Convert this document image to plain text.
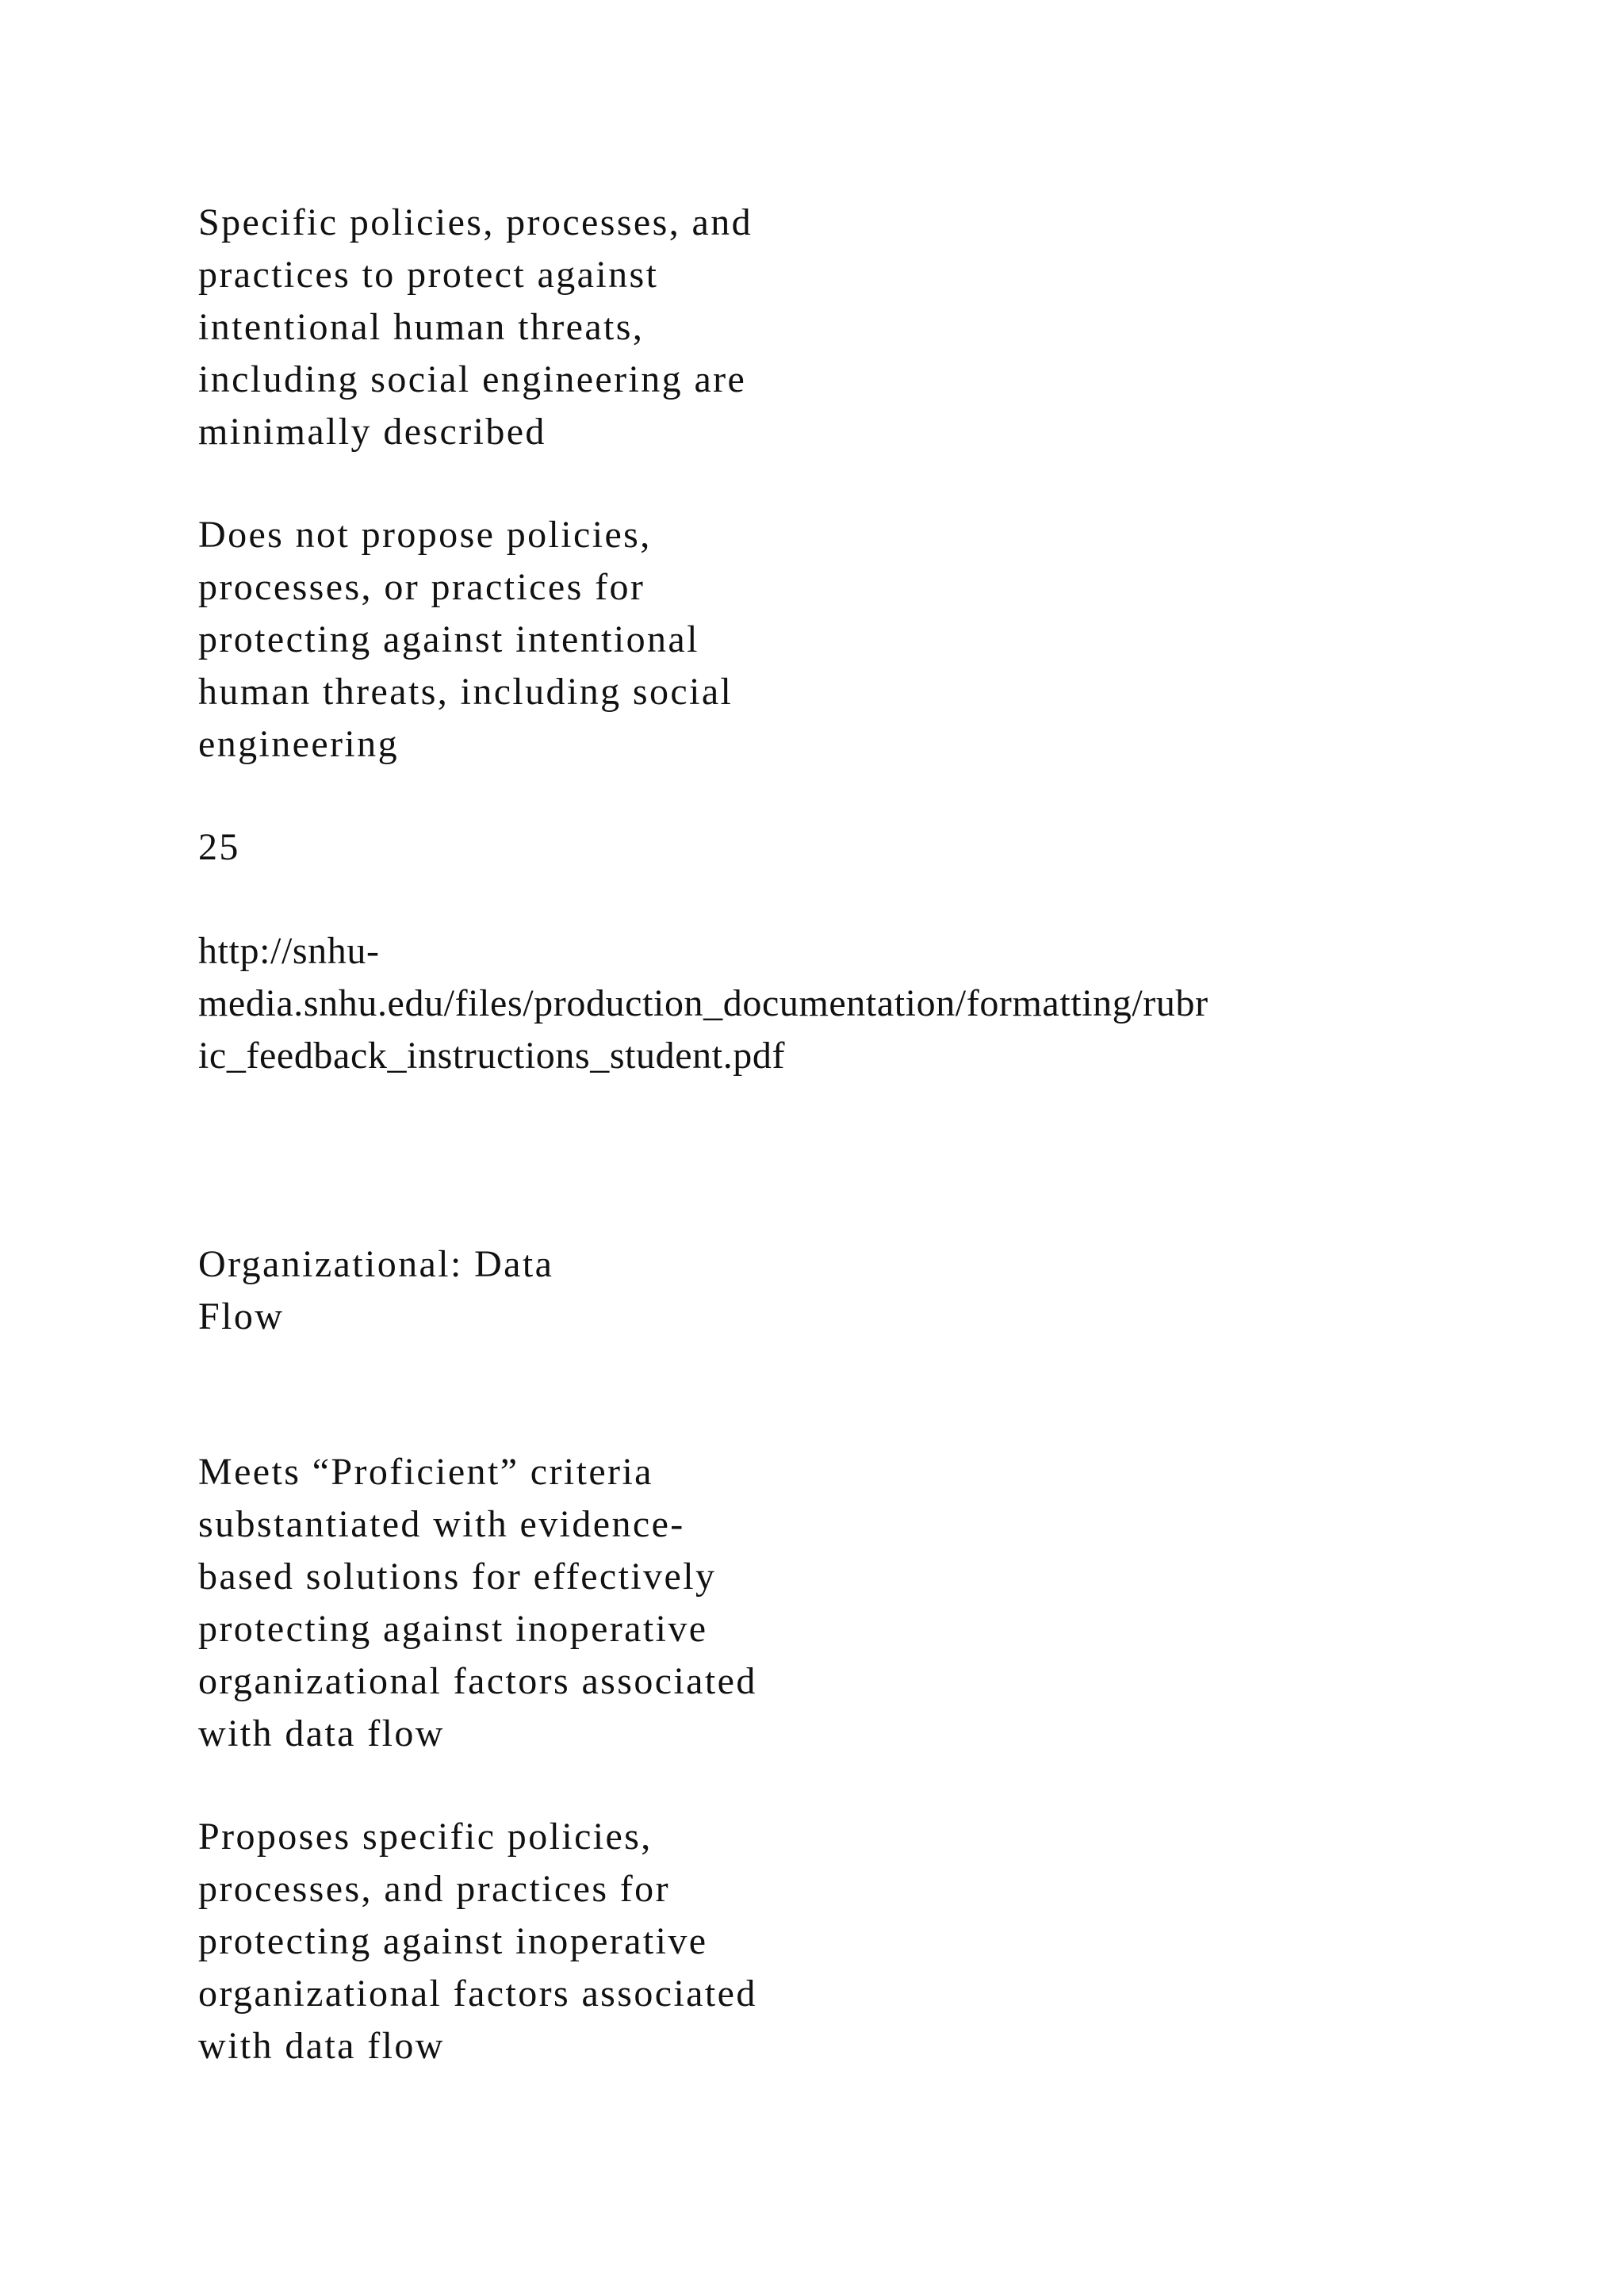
Specific policies, processes, and
practices to protect against
intentional human threats,
including social engineering are
minimally described

Does not propose policies,
processes, or practices for
protecting against intentional
human threats, including social
engineering

25

http://snhu-
media.snhu.edu/files/production_documentation/formatting/rubr
ic_feedback_instructions_student.pdf

Organizational: Data
Flow

Meets “Proficient” criteria
substantiated with evidence-
based solutions for effectively
protecting against inoperative
organizational factors associated
with data flow

Proposes specific policies,
processes, and practices for
protecting against inoperative
organizational factors associated
with data flow
